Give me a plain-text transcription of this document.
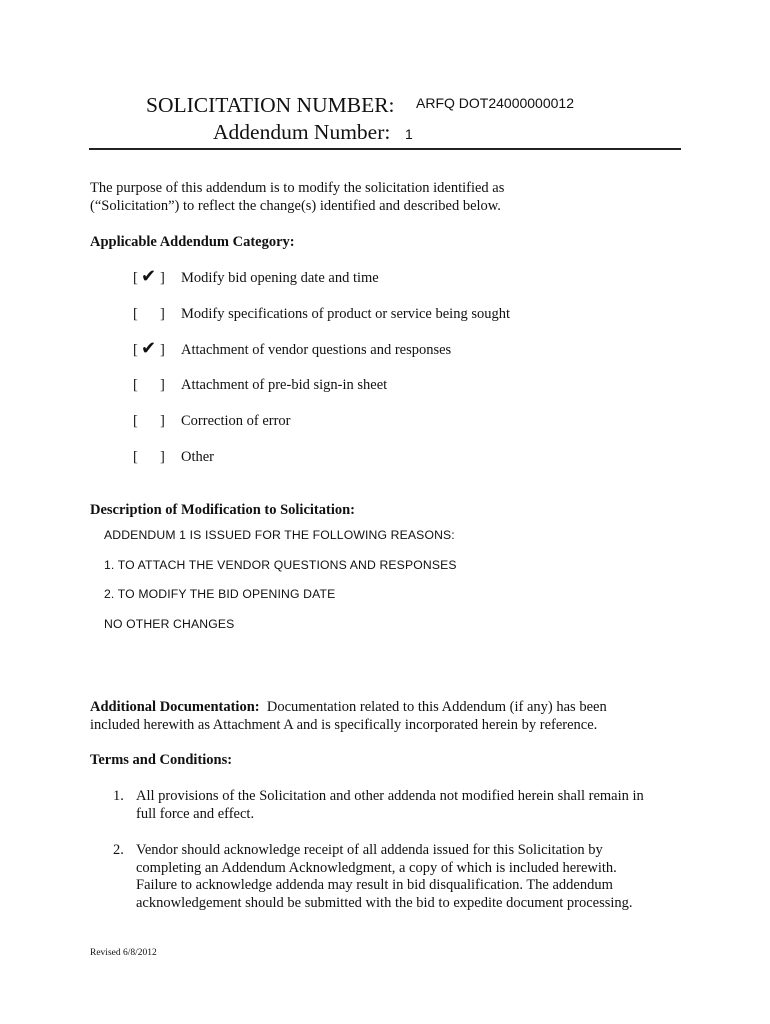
SOLICITATION NUMBER: ARFQ DOT24000000012
Addendum Number: 1
The purpose of this addendum is to modify the solicitation identified as
(“Solicitation”) to reflect the change(s) identified and described below.
Applicable Addendum Category:
[ ✔ ] Modify bid opening date and time
[ ] Modify specifications of product or service being sought
[ ✔ ] Attachment of vendor questions and responses
[ ] Attachment of pre-bid sign-in sheet
[ ] Correction of error
[ ] Other
Description of Modification to Solicitation:
ADDENDUM 1 IS ISSUED FOR THE FOLLOWING REASONS:
1. TO ATTACH THE VENDOR QUESTIONS AND RESPONSES
2. TO MODIFY THE BID OPENING DATE
NO OTHER CHANGES
Additional Documentation: Documentation related to this Addendum (if any) has been
included herewith as Attachment A and is specifically incorporated herein by reference.
Terms and Conditions:
1. All provisions of the Solicitation and other addenda not modified herein shall remain in
full force and effect.
2. Vendor should acknowledge receipt of all addenda issued for this Solicitation by
completing an Addendum Acknowledgment, a copy of which is included herewith.
Failure to acknowledge addenda may result in bid disqualification. The addendum
acknowledgement should be submitted with the bid to expedite document processing.
Revised 6/8/2012
